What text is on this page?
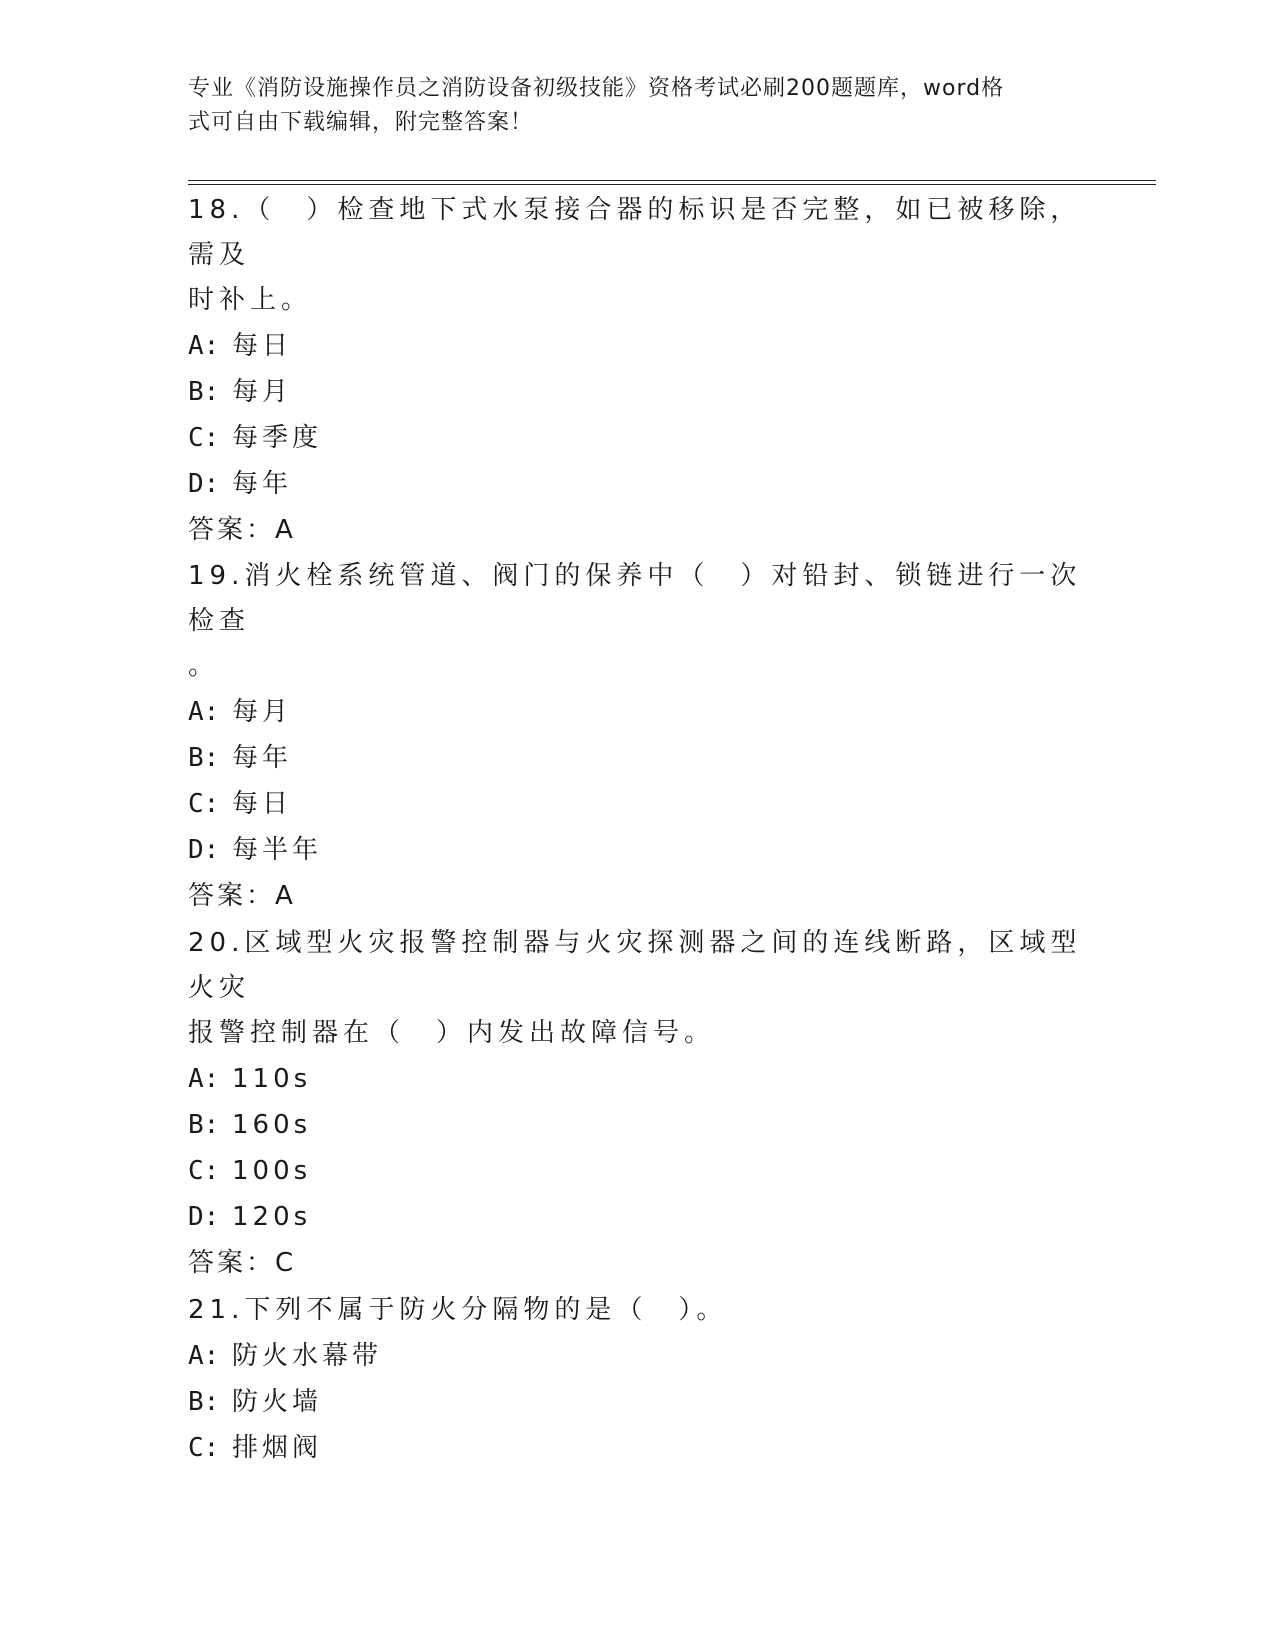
专业《消防设施操作员之消防设备初级技能》资格考试必刷200题题库，word格
式可自由下载编辑，附完整答案！

18.（　）检查地下式水泵接合器的标识是否完整，如已被移除，需及

时补上。

A: 每日
B: 每月
C: 每季度
D: 每年
答案：A

19.消火栓系统管道、阀门的保养中（　）对铅封、锁链进行一次检查

。

A: 每月
B: 每年
C: 每日
D: 每半年
答案：A

20.区域型火灾报警控制器与火灾探测器之间的连线断路，区域型火灾

报警控制器在（　）内发出故障信号。

A: 110s
B: 160s
C: 100s
D: 120s
答案：C

21.下列不属于防火分隔物的是（　）。

A: 防火水幕带
B: 防火墙
C: 排烟阀
